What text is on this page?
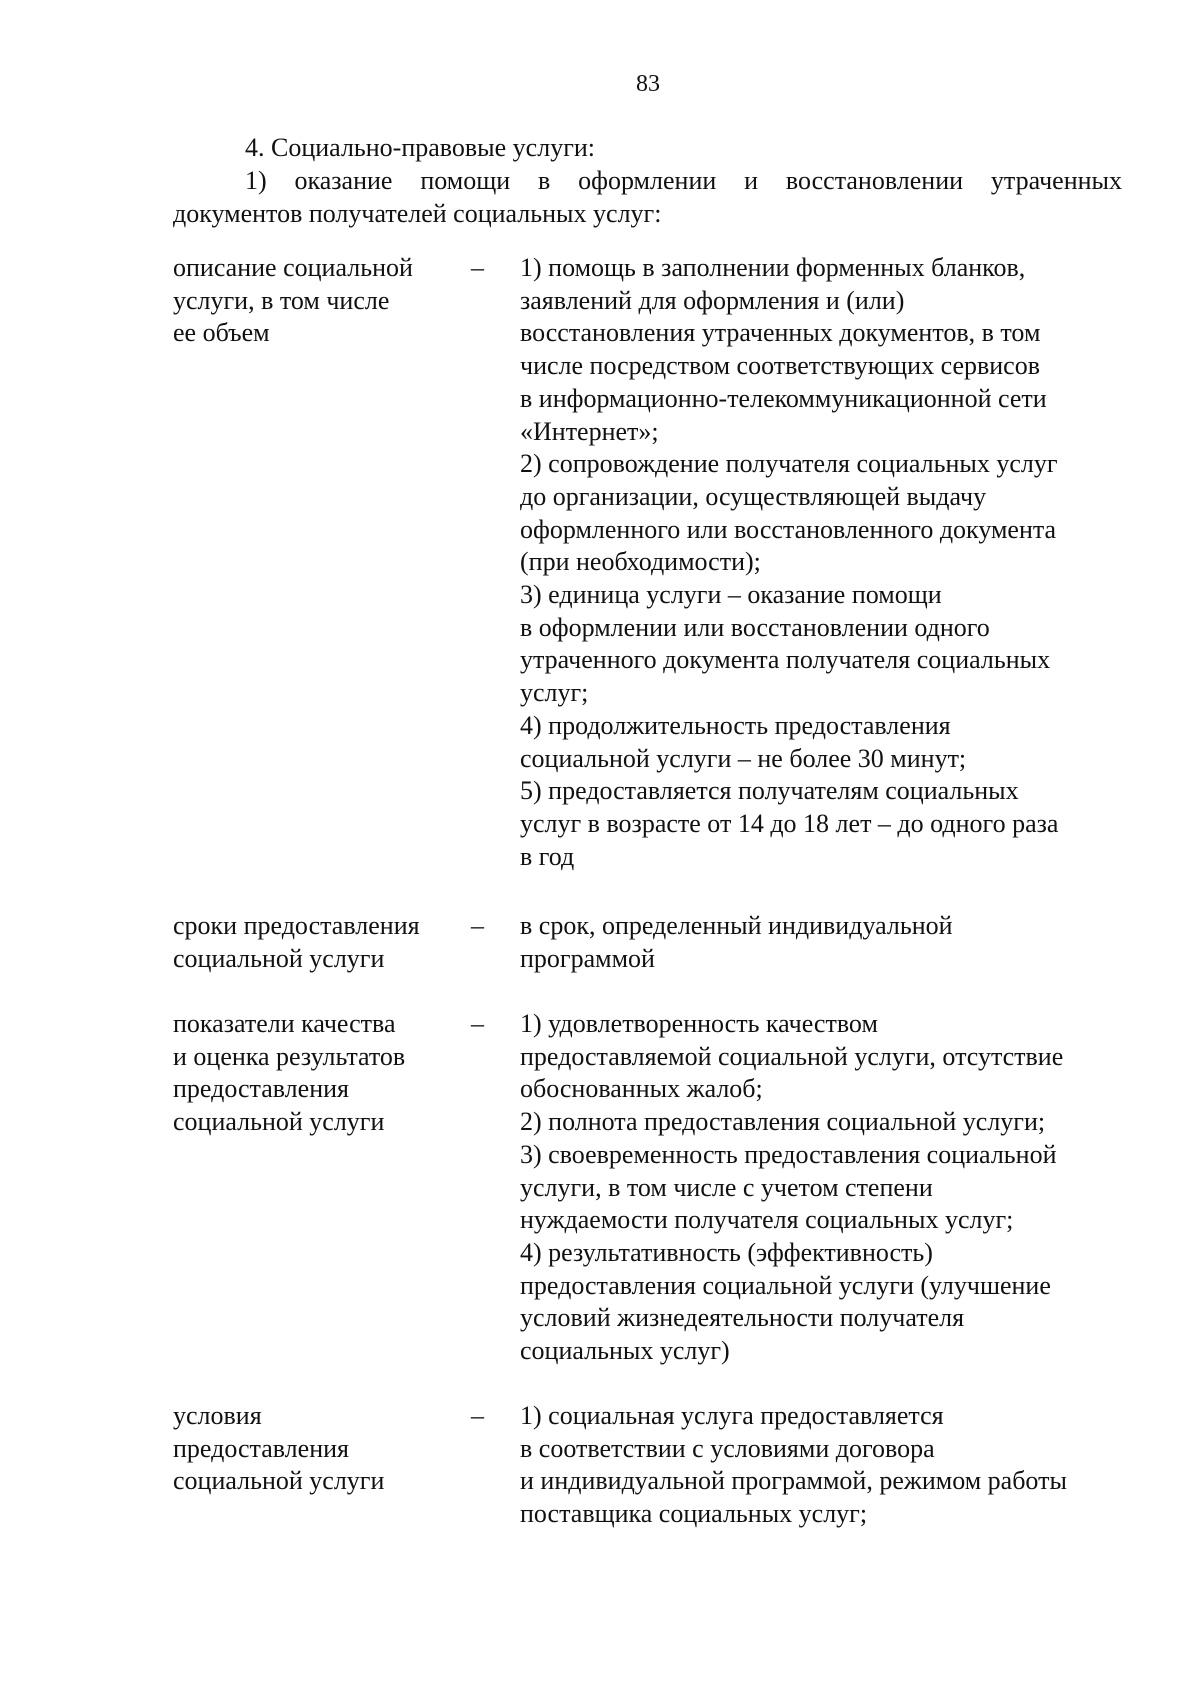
83
4. Социально-правовые услуги:
1) оказание помощи в оформлении и восстановлении утраченных
документов получателей социальных услуг:
описание социальной
услуги, в том числе
ее объем
– 1) помощь в заполнении форменных бланков,
заявлений для оформления и (или)
восстановления утраченных документов, в том
числе посредством соответствующих сервисов
в информационно-телекоммуникационной сети
«Интернет»;
2) сопровождение получателя социальных услуг
до организации, осуществляющей выдачу
оформленного или восстановленного документа
(при необходимости);
3) единица услуги – оказание помощи
в оформлении или восстановлении одного
утраченного документа получателя социальных
услуг;
4) продолжительность предоставления
социальной услуги – не более 30 минут;
5) предоставляется получателям социальных
услуг в возрасте от 14 до 18 лет – до одного раза
в год
сроки предоставления
социальной услуги
– в срок, определенный индивидуальной
программой
показатели качества
и оценка результатов
предоставления
социальной услуги
– 1) удовлетворенность качеством
предоставляемой социальной услуги, отсутствие
обоснованных жалоб;
2) полнота предоставления социальной услуги;
3) своевременность предоставления социальной
услуги, в том числе с учетом степени
нуждаемости получателя социальных услуг;
4) результативность (эффективность)
предоставления социальной услуги (улучшение
условий жизнедеятельности получателя
социальных услуг)
условия
предоставления
социальной услуги
– 1) социальная услуга предоставляется
в соответствии с условиями договора
и индивидуальной программой, режимом работы
поставщика социальных услуг;
